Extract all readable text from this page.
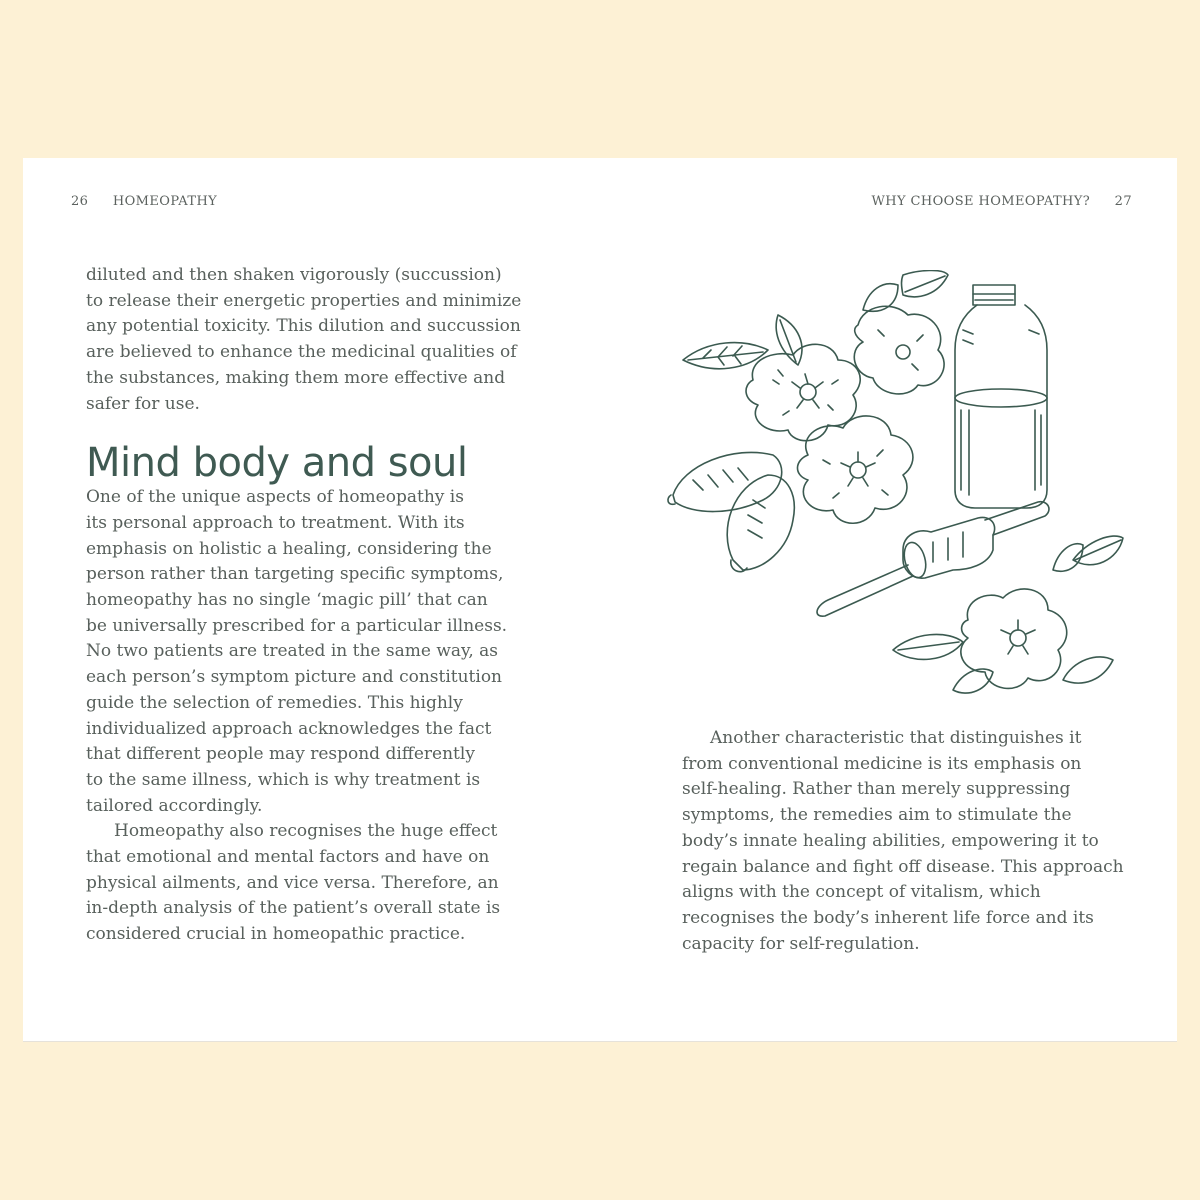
26 HOMEOPATHY	WHY CHOOSE HOMEOPATHY? 27

diluted and then shaken vigorously (succussion)
to release their energetic properties and minimize
any potential toxicity. This dilution and succussion
are believed to enhance the medicinal qualities of
the substances, making them more effective and
safer for use.

Mind body and soul

One of the unique aspects of homeopathy is
its personal approach to treatment. With its
emphasis on holistic a healing, considering the
person rather than targeting specific symptoms,
homeopathy has no single ‘magic pill’ that can
be universally prescribed for a particular illness.
No two patients are treated in the same way, as
each person’s symptom picture and constitution
guide the selection of remedies. This highly
individualized approach acknowledges the fact
that different people may respond differently
to the same illness, which is why treatment is
tailored accordingly.

Homeopathy also recognises the huge effect
that emotional and mental factors and have on
physical ailments, and vice versa. Therefore, an
in-depth analysis of the patient’s overall state is
considered crucial in homeopathic practice.

Another characteristic that distinguishes it
from conventional medicine is its emphasis on
self-healing. Rather than merely suppressing
symptoms, the remedies aim to stimulate the
body’s innate healing abilities, empowering it to
regain balance and fight off disease. This approach
aligns with the concept of vitalism, which
recognises the body’s inherent life force and its
capacity for self-regulation.
